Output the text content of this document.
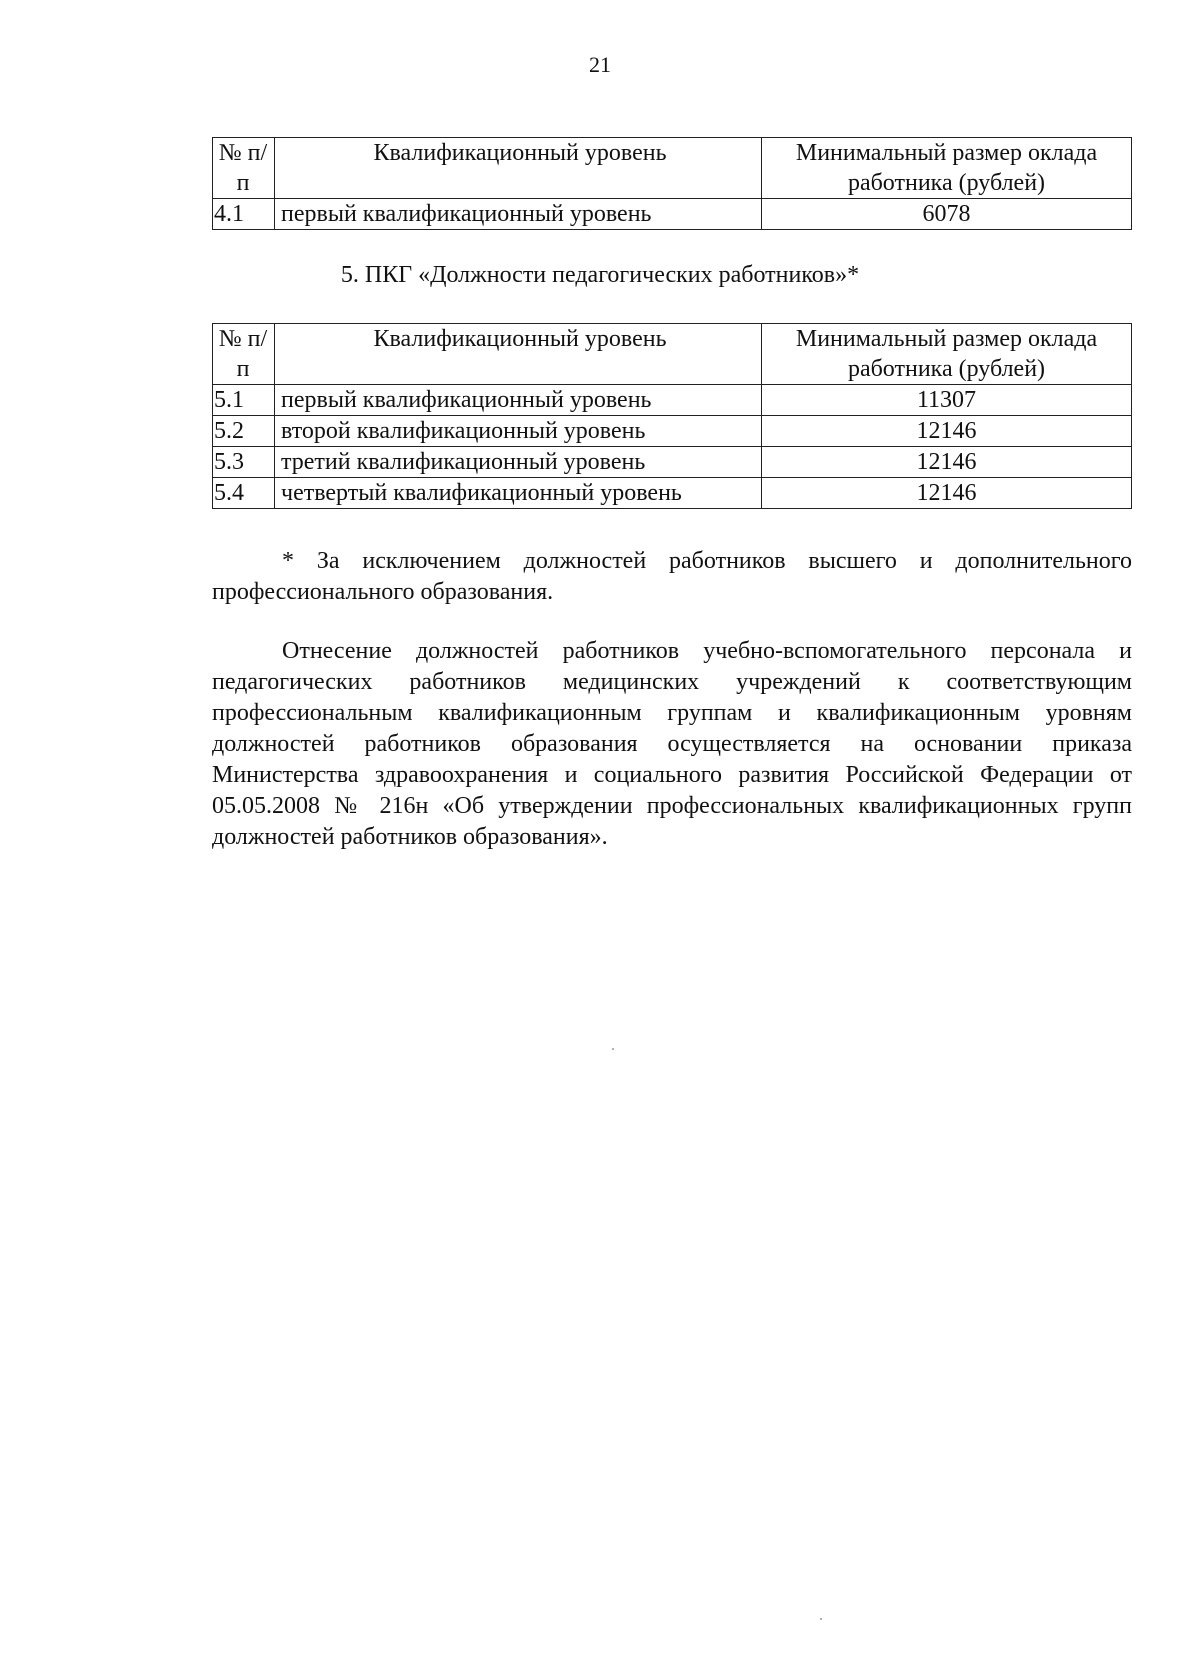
21
№ п/п	Квалификационный уровень	Минимальный размер оклада работника (рублей)
4.1	первый квалификационный уровень	6078
5. ПКГ «Должности педагогических работников»*
№ п/п	Квалификационный уровень	Минимальный размер оклада работника (рублей)
5.1	первый квалификационный уровень	11307
5.2	второй квалификационный уровень	12146
5.3	третий квалификационный уровень	12146
5.4	четвертый квалификационный уровень	12146

* За исключением должностей работников высшего и дополнительного профессионального образования.

Отнесение должностей работников учебно-вспомогательного персонала и педагогических работников медицинских учреждений к соответствующим профессиональным квалификационным группам и квалификационным уровням должностей работников образования осуществляется на основании приказа Министерства здравоохранения и социального развития Российской Федерации от 05.05.2008 № 216н «Об утверждении профессиональных квалификационных групп должностей работников образования».
